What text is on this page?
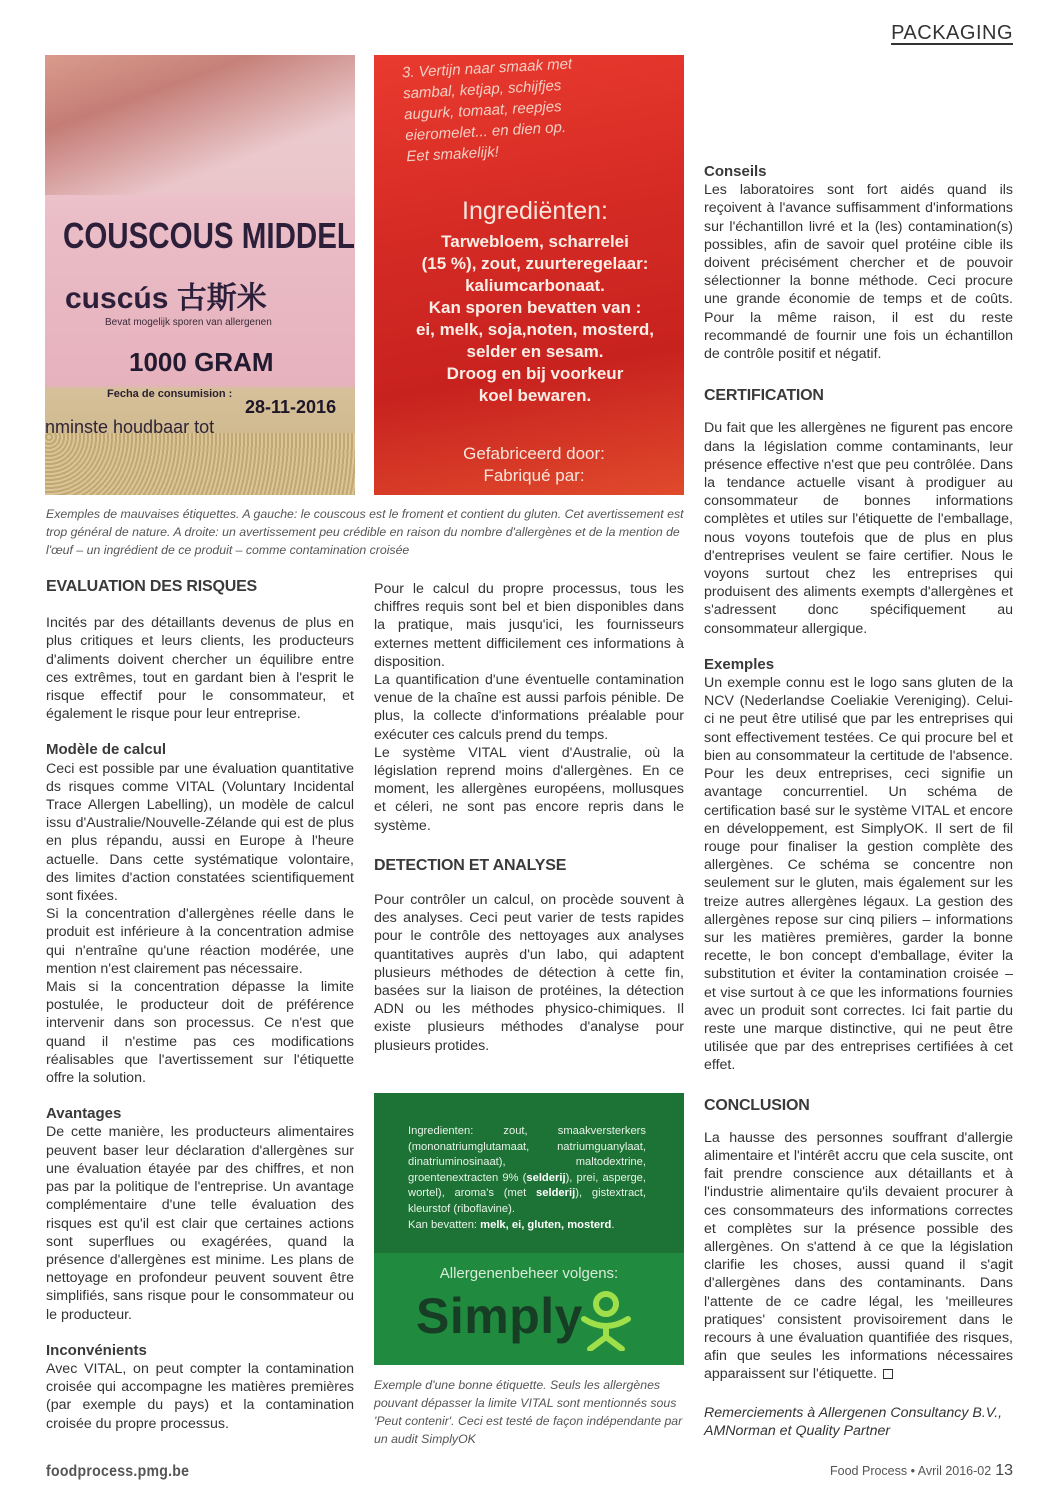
PACKAGING
COUSCOUS MIDDEL
cuscús 古斯米
Bevat mogelijk sporen van allergenen
1000 GRAM
Fecha de consumision :
28-11-2016
nminste houdbaar tot
3. Vertijn naar smaak met
sambal, ketjap, schijfjes
augurk, tomaat, reepjes
eieromelet... en dien op.
Eet smakelijk!
Ingrediënten:
Tarwebloem, scharrelei
(15 %), zout, zuurteregelaar:
kaliumcarbonaat.
Kan sporen bevatten van :
ei, melk, soja,noten, mosterd,
selder en sesam.
Droog en bij voorkeur
koel bewaren.
Gefabriceerd door:
Fabriqué par:
Exemples de mauvaises étiquettes. A gauche: le couscous est le froment et contient du gluten. Cet avertissement est trop général de nature. A droite: un avertissement peu crédible en raison du nombre d'allergènes et de la mention de l'œuf – un ingrédient de ce produit – comme contamination croisée

EVALUATION DES RISQUES

Incités par des détaillants devenus de plus en plus critiques et leurs clients, les producteurs d'aliments doivent chercher un équilibre entre ces extrêmes, tout en gardant bien à l'esprit le risque effectif pour le consommateur, et également le risque pour leur entreprise.

Modèle de calcul

Ceci est possible par une évaluation quantitative ds risques comme VITAL (Voluntary Incidental Trace Allergen Labelling), un modèle de calcul issu d'Australie/Nouvelle-Zélande qui est de plus en plus répandu, aussi en Europe à l'heure actuelle. Dans cette systématique volontaire, des limites d'action constatées scientifiquement sont fixées.

Si la concentration d'allergènes réelle dans le produit est inférieure à la concentration admise qui n'entraîne qu'une réaction modérée, une mention n'est clairement pas nécessaire.

Mais si la concentration dépasse la limite postulée, le producteur doit de préférence intervenir dans son processus. Ce n'est que quand il n'estime pas ces modifications réalisables que l'avertissement sur l'étiquette offre la solution.

Avantages

De cette manière, les producteurs alimentaires peuvent baser leur déclaration d'allergènes sur une évaluation étayée par des chiffres, et non pas par la politique de l'entreprise. Un avantage complémentaire d'une telle évaluation des risques est qu'il est clair que certaines actions sont superflues ou exagérées, quand la présence d'allergènes est minime. Les plans de nettoyage en profondeur peuvent souvent être simplifiés, sans risque pour le consommateur ou le producteur.

Inconvénients

Avec VITAL, on peut compter la contamination croisée qui accompagne les matières premières (par exemple du pays) et la contamination croisée du propre processus.

Pour le calcul du propre processus, tous les chiffres requis sont bel et bien disponibles dans la pratique, mais jusqu'ici, les fournisseurs externes mettent difficilement ces informations à disposition.

La quantification d'une éventuelle contamination venue de la chaîne est aussi parfois pénible. De plus, la collecte d'informations préalable pour exécuter ces calculs prend du temps.

Le système VITAL vient d'Australie, où la législation reprend moins d'allergènes. En ce moment, les allergènes européens, mollusques et céleri, ne sont pas encore repris dans le système.

DETECTION ET ANALYSE

Pour contrôler un calcul, on procède souvent à des analyses. Ceci peut varier de tests rapides pour le contrôle des nettoyages aux analyses quantitatives auprès d'un labo, qui adaptent plusieurs méthodes de détection à cette fin, basées sur la liaison de protéines, la détection ADN ou les méthodes physico-chimiques. Il existe plusieurs méthodes d'analyse pour plusieurs protides.

Ingredienten: zout, smaakversterkers (mononatriumglutamaat, natriumguanylaat, dinatriuminosinaat), maltodextrine, groentenextracten 9% (selderij), prei, asperge, wortel), aroma's (met selderij), gistextract, kleurstof (riboflavine).
Kan bevatten: melk, ei, gluten, mosterd.
Allergenenbeheer volgens:
Simply
Exemple d'une bonne étiquette. Seuls les allergènes pouvant dépasser la limite VITAL sont mentionnés sous 'Peut contenir'. Ceci est testé de façon indépendante par un audit SimplyOK

Conseils

Les laboratoires sont fort aidés quand ils reçoivent à l'avance suffisamment d'informations sur l'échantillon livré et la (les) contamination(s) possibles, afin de savoir quel protéine cible ils doivent précisément chercher et de pouvoir sélectionner la bonne méthode. Ceci procure une grande économie de temps et de coûts. Pour la même raison, il est du reste recommandé de fournir une fois un échantillon de contrôle positif et négatif.

CERTIFICATION

Du fait que les allergènes ne figurent pas encore dans la législation comme contaminants, leur présence effective n'est que peu contrôlée. Dans la tendance actuelle visant à prodiguer au consommateur de bonnes informations complètes et utiles sur l'étiquette de l'emballage, nous voyons toutefois que de plus en plus d'entreprises veulent se faire certifier. Nous le voyons surtout chez les entreprises qui produisent des aliments exempts d'allergènes et s'adressent donc spécifiquement au consommateur allergique.

Exemples

Un exemple connu est le logo sans gluten de la NCV (Nederlandse Coeliakie Vereniging). Celui-ci ne peut être utilisé que par les entreprises qui sont effectivement testées. Ce qui procure bel et bien au consommateur la certitude de l'absence. Pour les deux entreprises, ceci signifie un avantage concurrentiel. Un schéma de certification basé sur le système VITAL et encore en développement, est SimplyOK. Il sert de fil rouge pour finaliser la gestion complète des allergènes. Ce schéma se concentre non seulement sur le gluten, mais également sur les treize autres allergènes légaux. La gestion des allergènes repose sur cinq piliers – informations sur les matières premières, garder la bonne recette, le bon concept d'emballage, éviter la substitution et éviter la contamination croisée – et vise surtout à ce que les informations fournies avec un produit sont correctes. Ici fait partie du reste une marque distinctive, qui ne peut être utilisée que par des entreprises certifiées à cet effet.

CONCLUSION

La hausse des personnes souffrant d'allergie alimentaire et l'intérêt accru que cela suscite, ont fait prendre conscience aux détaillants et à l'industrie alimentaire qu'ils devaient procurer à ces consommateurs des informations correctes et complètes sur la présence possible des allergènes. On s'attend à ce que la législation clarifie les choses, aussi quand il s'agit d'allergènes dans des contaminants. Dans l'attente de ce cadre légal, les 'meilleures pratiques' consistent provisoirement dans le recours à une évaluation quantifiée des risques, afin que seules les informations nécessaires apparaissent sur l'étiquette.

Remerciements à Allergenen Consultancy B.V., AMNorman et Quality Partner

foodprocess.pmg.be	Food Process • Avril 2016-02 13
